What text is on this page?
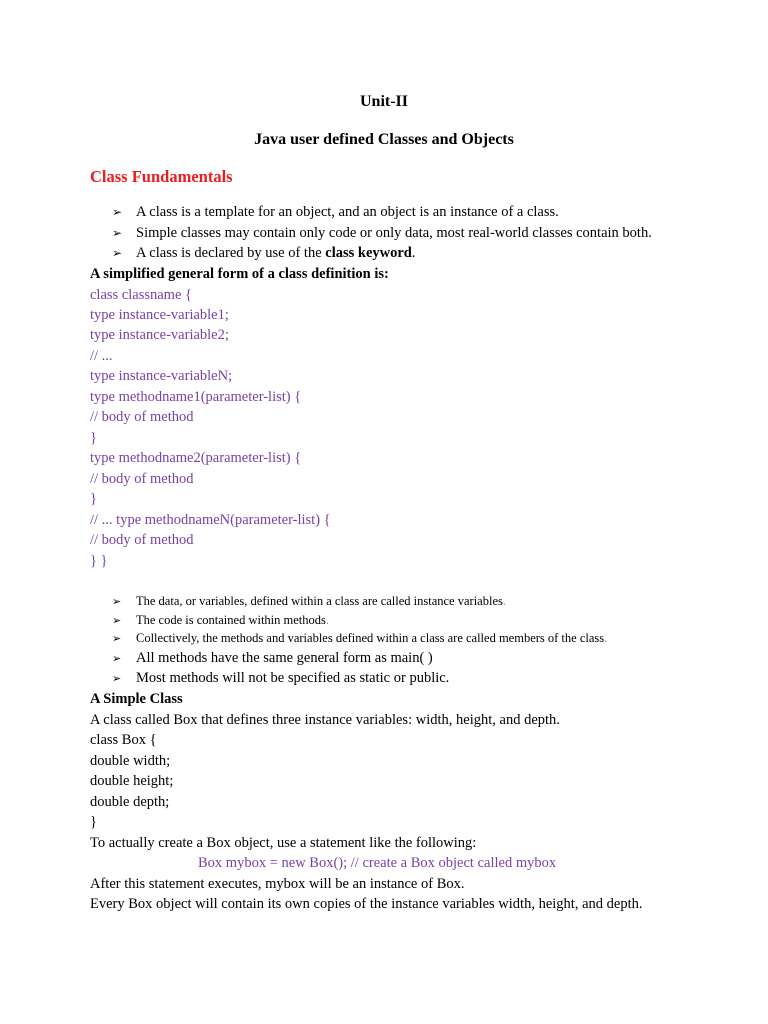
Unit-II
Java user defined Classes and Objects
Class Fundamentals
➢ A class is a template for an object, and an object is an instance of a class.
➢ Simple classes may contain only code or only data, most real-world classes contain both.
➢ A class is declared by use of the class keyword.
A simplified general form of a class definition is:
class classname {
type instance-variable1;
type instance-variable2;
// ...
type instance-variableN;
type methodname1(parameter-list) {
// body of method
}
type methodname2(parameter-list) {
// body of method
}
// ... type methodnameN(parameter-list) {
// body of method
} }
➢ The data, or variables, defined within a class are called instance variables.
➢ The code is contained within methods.
➢ Collectively, the methods and variables defined within a class are called members of the class.
➢ All methods have the same general form as main( )
➢ Most methods will not be specified as static or public.
A Simple Class
A class called Box that defines three instance variables: width, height, and depth.
class Box {
double width;
double height;
double depth;
}
To actually create a Box object, use a statement like the following:
Box mybox = new Box(); // create a Box object called mybox
After this statement executes, mybox will be an instance of Box.
Every Box object will contain its own copies of the instance variables width, height, and depth.
